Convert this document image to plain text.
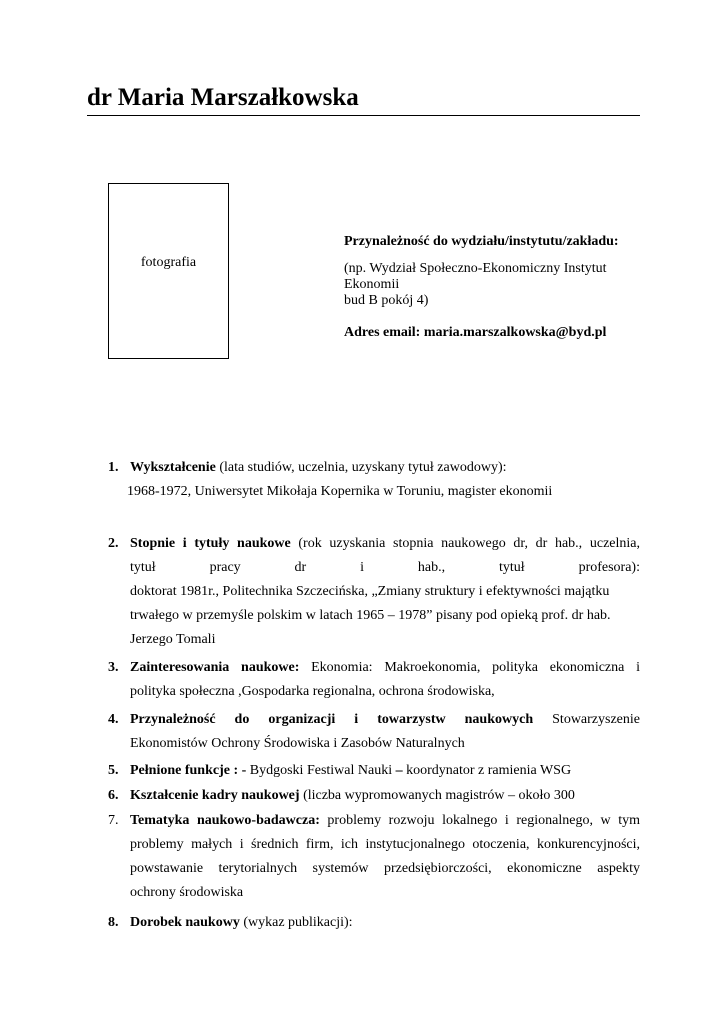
dr Maria Marszałkowska
fotografia
Przynależność do wydziału/instytutu/zakładu:
(np. Wydział Społeczno-Ekonomiczny Instytut
Ekonomii
bud B pokój 4)
Adres email: maria.marszalkowska@byd.pl
1. Wykształcenie (lata studiów, uczelnia, uzyskany tytuł zawodowy):
1968-1972, Uniwersytet Mikołaja Kopernika w Toruniu, magister ekonomii
2. Stopnie i tytuły naukowe (rok uzyskania stopnia naukowego dr, dr hab., uczelnia,
tytuł	pracy	dr	i	hab.,	tytuł	profesora):
doktorat 1981r., Politechnika Szczecińska, „Zmiany struktury i efektywności majątku
trwałego w przemyśle polskim w latach 1965 – 1978” pisany pod opieką prof. dr hab.
Jerzego Tomali
3. Zainteresowania naukowe: Ekonomia: Makroekonomia, polityka ekonomiczna i
polityka społeczna ,Gospodarka regionalna, ochrona środowiska,
4. Przynależność do organizacji i towarzystw naukowych Stowarzyszenie
Ekonomistów Ochrony Środowiska i Zasobów Naturalnych
5. Pełnione funkcje : - Bydgoski Festiwal Nauki – koordynator z ramienia WSG
6. Kształcenie kadry naukowej (liczba wypromowanych magistrów – około 300
7. Tematyka naukowo-badawcza: problemy rozwoju lokalnego i regionalnego, w tym
problemy małych i średnich firm, ich instytucjonalnego otoczenia, konkurencyjności,
powstawanie terytorialnych systemów przedsiębiorczości, ekonomiczne aspekty
ochrony środowiska
8. Dorobek naukowy (wykaz publikacji):
